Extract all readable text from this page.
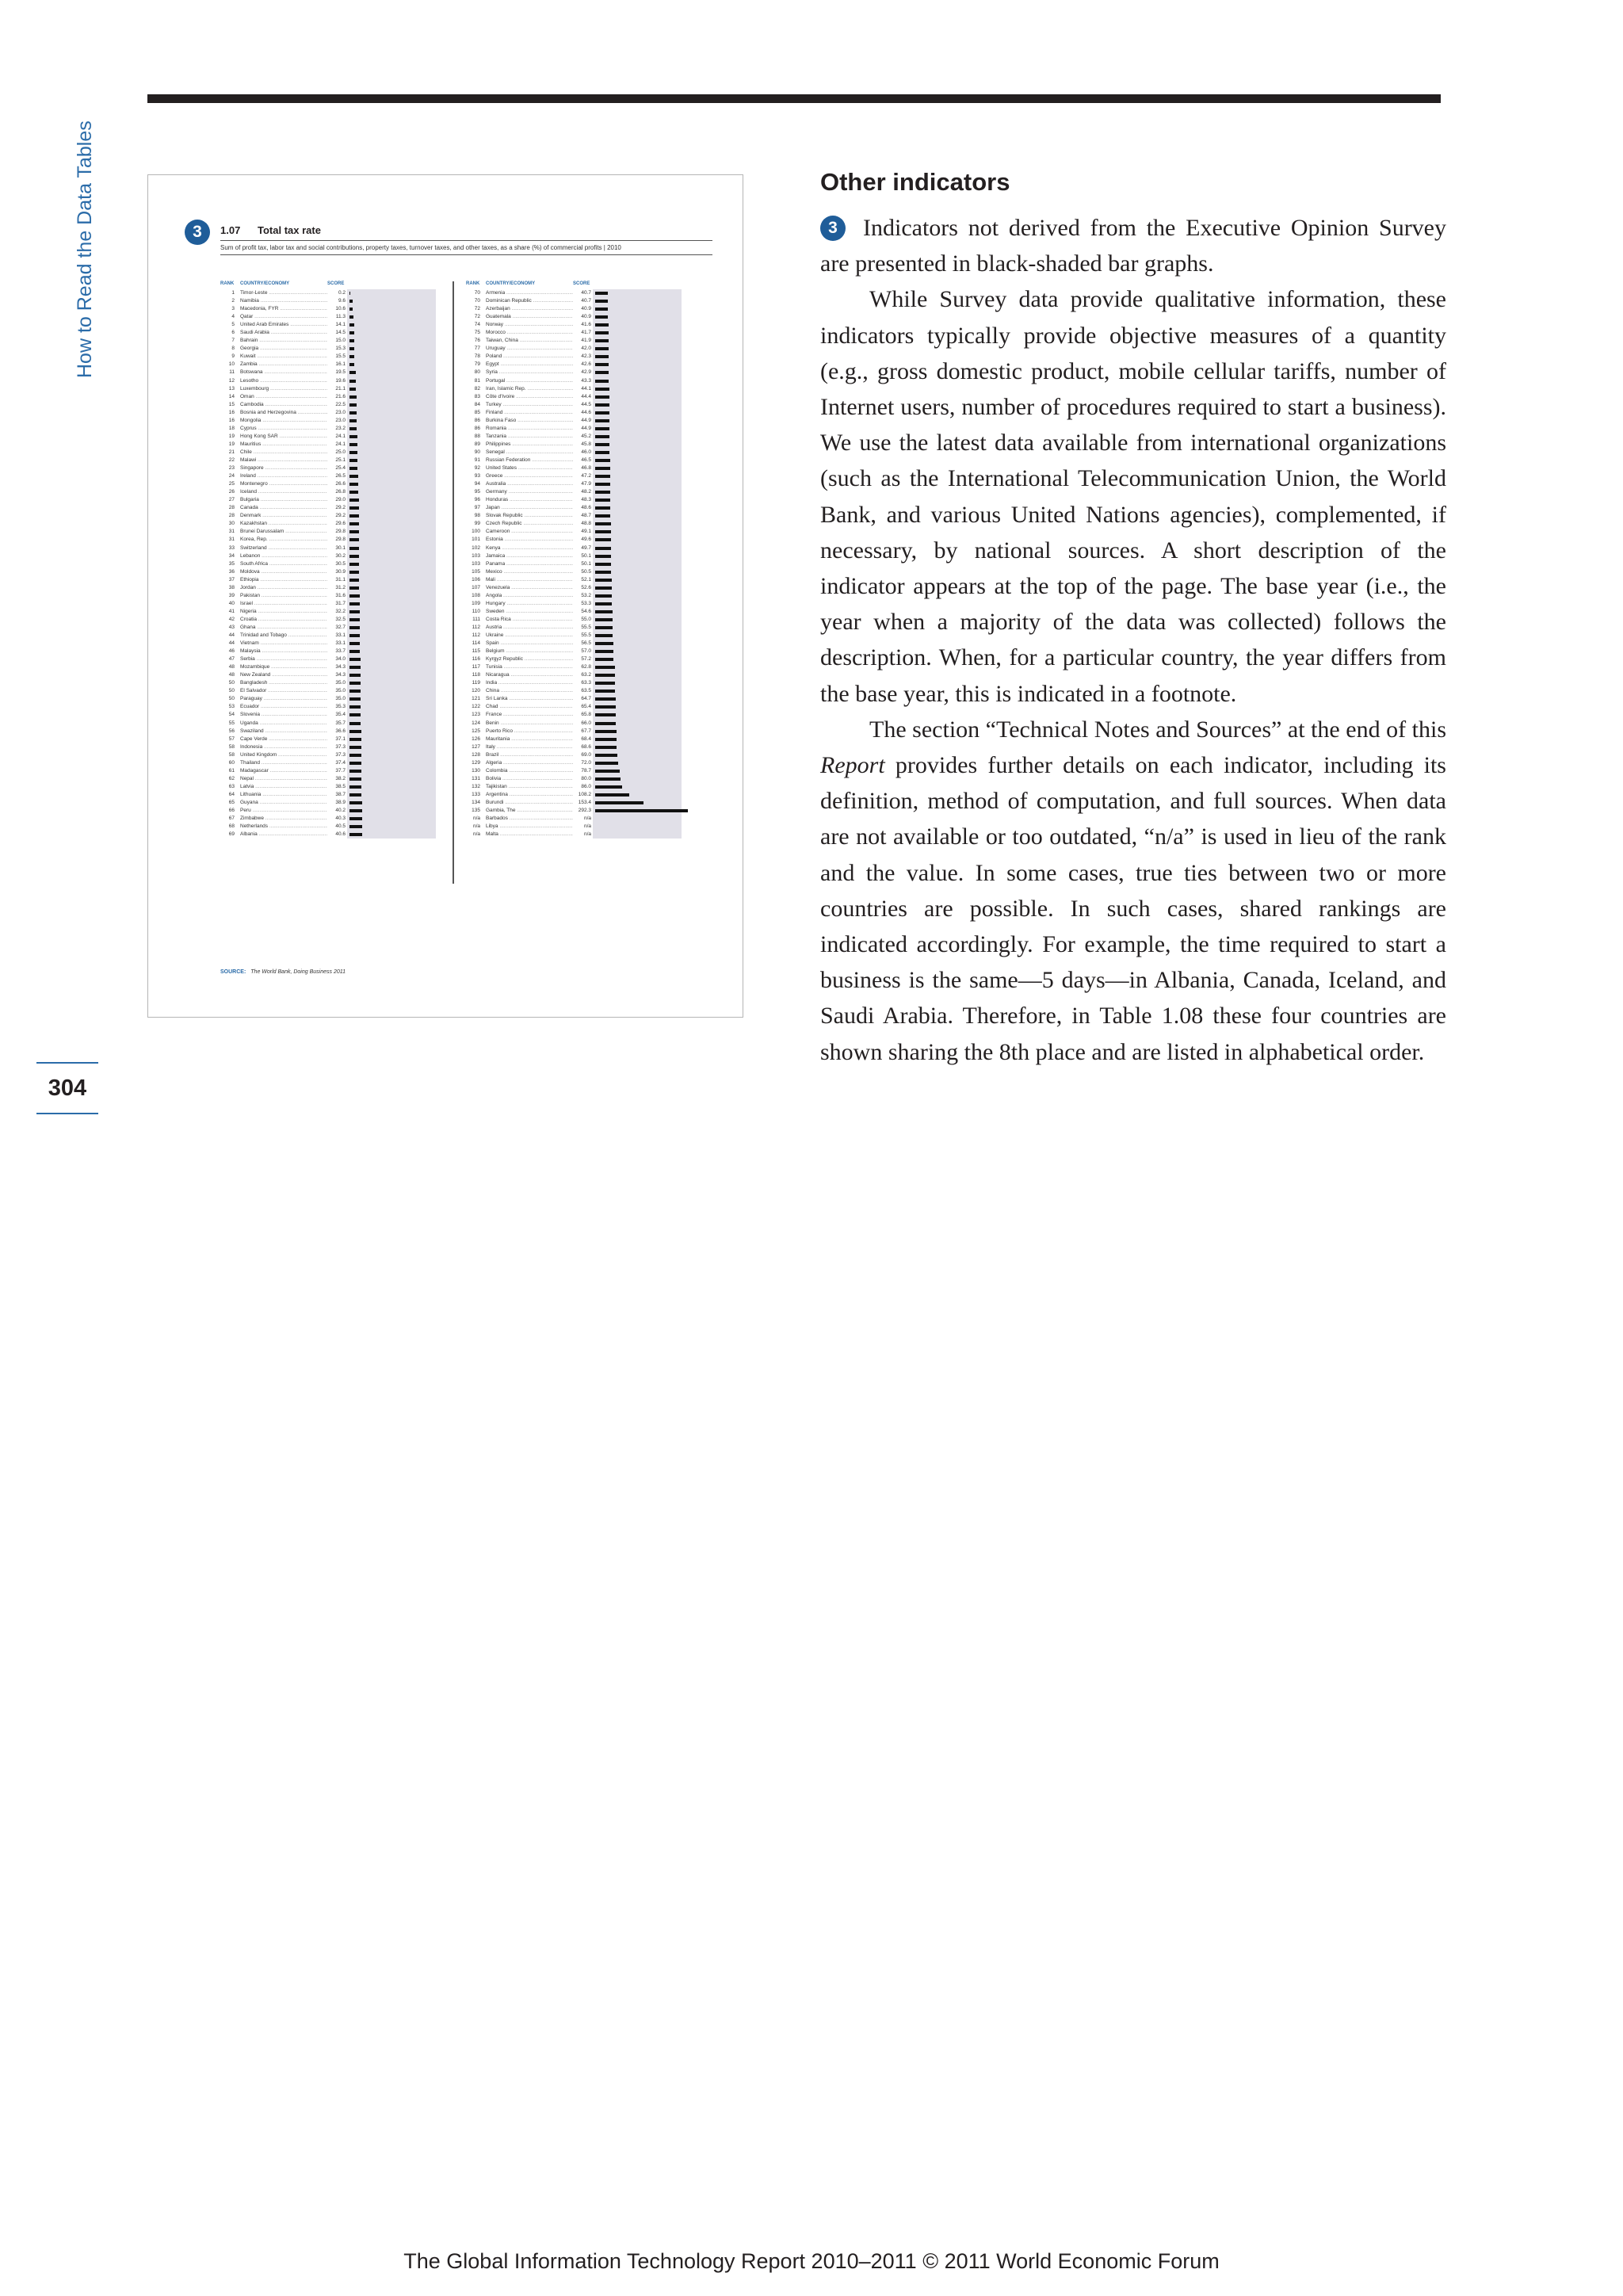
How to Read the Data Tables
304
3	1.07 Total tax rate
Sum of profit tax, labor tax and social contributions, property taxes, turnover taxes, and other taxes, as a share (%) of commercial profits | 2010
RANK COUNTRY/ECONOMY	SCORE
1 Timor-Leste .....	0.2
2 Namibia .....	9.6
3 Macedonia, FYR .....	10.6
4 Qatar .....	11.3
5 United Arab Emirates .....	14.1
6 Saudi Arabia .....	14.5
7 Bahrain .....	15.0
8 Georgia .....	15.3
9 Kuwait .....	15.5
10 Zambia .....	16.1
11 Botswana .....	19.5
12 Lesotho .....	19.6
13 Luxembourg .....	21.1
14 Oman .....	21.6
15 Cambodia .....	22.5
16 Bosnia and Herzegovina .....	23.0
16 Mongolia .....	23.0
18 Cyprus .....	23.2
19 Hong Kong SAR .....	24.1
19 Mauritius .....	24.1
21 Chile .....	25.0
22 Malawi .....	25.1
23 Singapore .....	25.4
24 Ireland .....	26.5
25 Montenegro .....	26.6
26 Iceland .....	26.8
27 Bulgaria .....	29.0
28 Canada .....	29.2
28 Denmark .....	29.2
30 Kazakhstan .....	29.6
31 Brunei Darussalam .....	29.8
31 Korea, Rep. .....	29.8
33 Switzerland .....	30.1
34 Lebanon .....	30.2
35 South Africa .....	30.5
36 Moldova .....	30.9
37 Ethiopia .....	31.1
38 Jordan .....	31.2
39 Pakistan .....	31.6
40 Israel .....	31.7
41 Nigeria .....	32.2
42 Croatia .....	32.5
43 Ghana .....	32.7
44 Trinidad and Tobago .....	33.1
44 Vietnam .....	33.1
46 Malaysia .....	33.7
47 Serbia .....	34.0
48 Mozambique .....	34.3
48 New Zealand .....	34.3
50 Bangladesh .....	35.0
50 El Salvador .....	35.0
50 Paraguay .....	35.0
53 Ecuador .....	35.3
54 Slovenia .....	35.4
55 Uganda .....	35.7
56 Swaziland .....	36.6
57 Cape Verde .....	37.1
58 Indonesia .....	37.3
58 United Kingdom .....	37.3
60 Thailand .....	37.4
61 Madagascar .....	37.7
62 Nepal .....	38.2
63 Latvia .....	38.5
64 Lithuania .....	38.7
65 Guyana .....	38.9
66 Peru .....	40.2
67 Zimbabwe .....	40.3
68 Netherlands .....	40.5
69 Albania .....	40.6
RANK COUNTRY/ECONOMY	SCORE
70 Armenia .....	40.7
70 Dominican Republic .....	40.7
72 Azerbaijan .....	40.9
72 Guatemala .....	40.9
74 Norway .....	41.6
75 Morocco .....	41.7
76 Taiwan, China .....	41.9
77 Uruguay .....	42.0
78 Poland .....	42.3
79 Egypt .....	42.6
80 Syria .....	42.9
81 Portugal .....	43.3
82 Iran, Islamic Rep. .....	44.1
83 Côte d'Ivoire .....	44.4
84 Turkey .....	44.5
85 Finland .....	44.6
86 Burkina Faso .....	44.9
86 Romania .....	44.9
88 Tanzania .....	45.2
89 Philippines .....	45.8
90 Senegal .....	46.0
91 Russian Federation .....	46.5
92 United States .....	46.8
93 Greece .....	47.2
94 Australia .....	47.9
95 Germany .....	48.2
96 Honduras .....	48.3
97 Japan .....	48.6
98 Slovak Republic .....	48.7
99 Czech Republic .....	48.8
100 Cameroon .....	49.1
101 Estonia .....	49.6
102 Kenya .....	49.7
103 Jamaica .....	50.1
103 Panama .....	50.1
105 Mexico .....	50.5
106 Mali .....	52.1
107 Venezuela .....	52.6
108 Angola .....	53.2
109 Hungary .....	53.3
110 Sweden .....	54.6
111 Costa Rica .....	55.0
112 Austria .....	55.5
112 Ukraine .....	55.5
114 Spain .....	56.5
115 Belgium .....	57.0
116 Kyrgyz Republic .....	57.2
117 Tunisia .....	62.8
118 Nicaragua .....	63.2
119 India .....	63.3
120 China .....	63.5
121 Sri Lanka .....	64.7
122 Chad .....	65.4
123 France .....	65.8
124 Benin .....	66.0
125 Puerto Rico .....	67.7
126 Mauritania .....	68.4
127 Italy .....	68.6
128 Brazil .....	69.0
129 Algeria .....	72.0
130 Colombia .....	78.7
131 Bolivia .....	80.0
132 Tajikistan .....	86.0
133 Argentina .....	108.2
134 Burundi .....	153.4
135 Gambia, The .....	292.3
n/a Barbados .....	n/a
n/a Libya .....	n/a
n/a Malta .....	n/a
SOURCE: The World Bank, Doing Business 2011
Other indicators

3 Indicators not derived from the Executive Opinion Survey are presented in black-shaded bar graphs.

While Survey data provide qualitative information, these indicators typically provide objective measures of a quantity (e.g., gross domestic product, mobile cellular tariffs, number of Internet users, number of procedures required to start a business). We use the latest data available from international organizations (such as the International Telecommunication Union, the World Bank, and various United Nations agencies), complemented, if necessary, by national sources. A short description of the indicator appears at the top of the page. The base year (i.e., the year when a majority of the data was collected) follows the description. When, for a particular country, the year differs from the base year, this is indicated in a footnote.

The section “Technical Notes and Sources” at the end of this Report provides further details on each indicator, including its definition, method of computation, and full sources. When data are not available or too outdated, “n/a” is used in lieu of the rank and the value. In some cases, true ties between two or more countries are possible. In such cases, shared rankings are indicated accordingly. For example, the time required to start a business is the same—5 days—in Albania, Canada, Iceland, and Saudi Arabia. Therefore, in Table 1.08 these four countries are shown sharing the 8th place and are listed in alphabetical order.

The Global Information Technology Report 2010–2011 © 2011 World Economic Forum
